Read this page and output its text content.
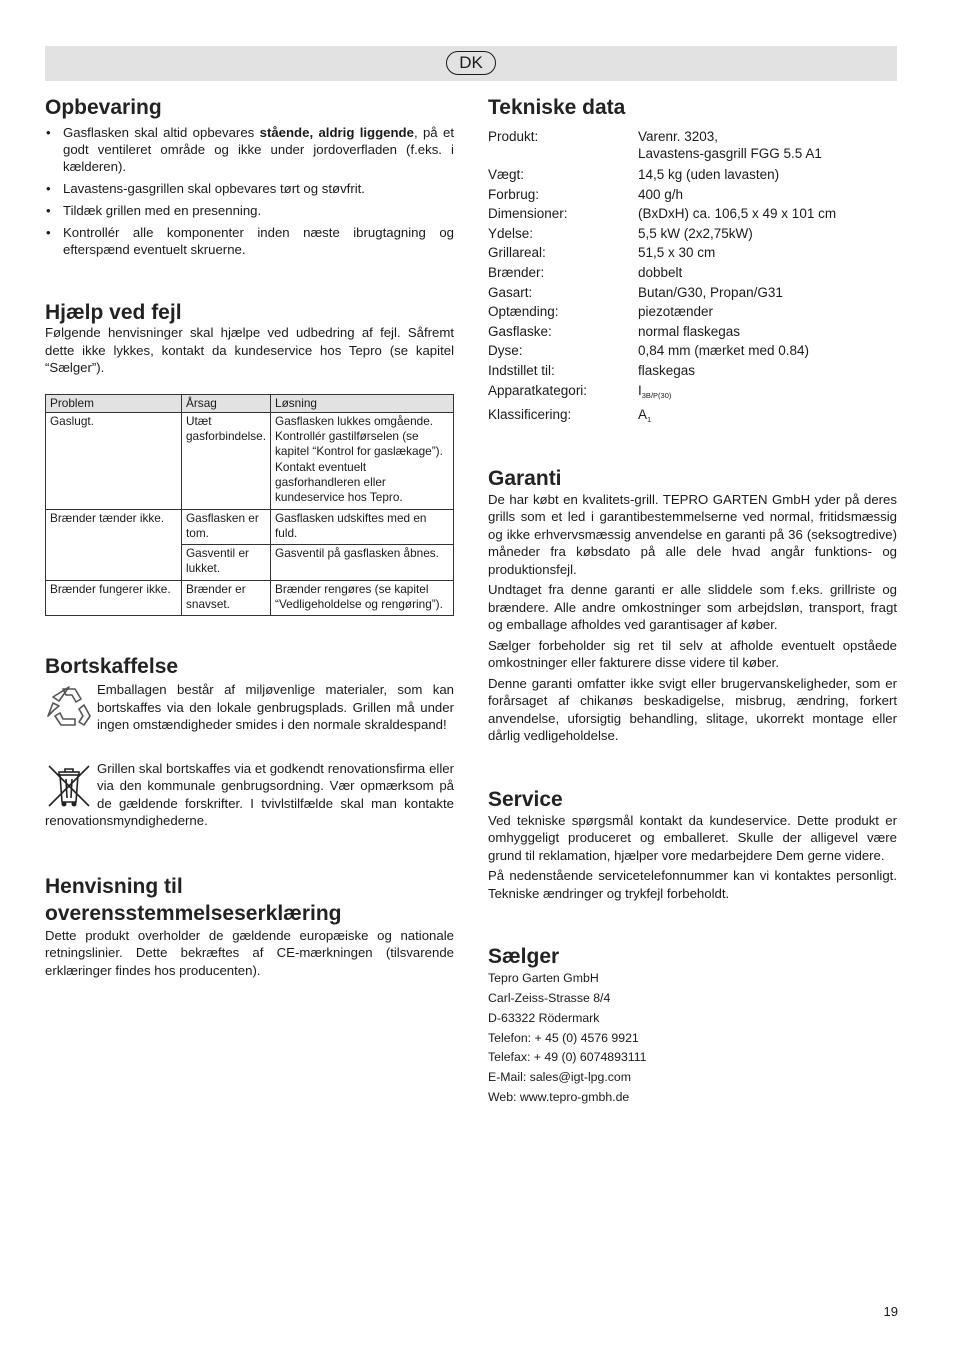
DK
Opbevaring
• Gasflasken skal altid opbevares stående, aldrig liggende, på et godt ventileret område og ikke under jordoverfladen (f.eks. i kælderen).
• Lavastens-gasgrillen skal opbevares tørt og støvfrit.
• Tildæk grillen med en presenning.
• Kontrollér alle komponenter inden næste ibrugtagning og efterspænd eventuelt skruerne.
Hjælp ved fejl

Følgende henvisninger skal hjælpe ved udbedring af fejl. Såfremt dette ikke lykkes, kontakt da kundeservice hos Tepro (se kapitel “Sælger”).

Problem	Årsag	Løsning
Gaslugt.	Utæt gasforbindelse.	Gasflasken lukkes omgående. Kontrollér gastilførselen (se kapitel “Kontrol for gaslækage”). Kontakt eventuelt gasforhandleren eller kundeservice hos Tepro.
Brænder tænder ikke.	Gasflasken er tom.	Gasflasken udskiftes med en fuld.
	Gasventil er lukket.	Gasventil på gasflasken åbnes.
Brænder fungerer ikke.	Brænder er snavset.	Brænder rengøres (se kapitel “Vedligeholdelse og rengøring”).
Bortskaffelse

Emballagen består af miljøvenlige materialer, som kan bortskaffes via den lokale genbrugsplads. Grillen må under ingen omstændigheder smides i den normale skraldespand!

Grillen skal bortskaffes via et godkendt renovationsfirma eller via den kommunale genbrugsordning. Vær opmærksom på de gældende forskrifter. I tvivlstilfælde skal man kontakte renovationsmyndighederne.

Henvisning til
overensstemmelseserklæring

Dette produkt overholder de gældende europæiske og nationale retningslinier. Dette bekræftes af CE-mærkningen (tilsvarende erklæringer findes hos producenten).

Tekniske data
Produkt:	Varenr. 3203,
Lavastens-gasgrill FGG 5.5 A1
Vægt:	14,5 kg (uden lavasten)
Forbrug:	400 g/h
Dimensioner:	(BxDxH) ca. 106,5 x 49 x 101 cm
Ydelse:	5,5 kW (2x2,75kW)
Grillareal:	51,5 x 30 cm
Brænder:	dobbelt
Gasart:	Butan/G30, Propan/G31
Optænding:	piezotænder
Gasflaske:	normal flaskegas
Dyse:	0,84 mm (mærket med 0.84)
Indstillet til:	flaskegas
Apparatkategori:	$I_{3B/P(30)}$
Klassificering:	$A_1$
Garanti

De har købt en kvalitets-grill. TEPRO GARTEN GmbH yder på deres grills som et led i garantibestemmelserne ved normal, fritidsmæssig og ikke erhvervsmæssig anvendelse en garanti på 36 (seksogtredive) måneder fra købsdato på alle dele hvad angår funktions- og produktionsfejl.

Undtaget fra denne garanti er alle sliddele som f.eks. grillriste og brændere. Alle andre omkostninger som arbejdsløn, transport, fragt og emballage afholdes ved garantisager af køber.

Sælger forbeholder sig ret til selv at afholde eventuelt opståede omkostninger eller fakturere disse videre til køber.

Denne garanti omfatter ikke svigt eller brugervanskeligheder, som er forårsaget af chikanøs beskadigelse, misbrug, ændring, forkert anvendelse, uforsigtig behandling, slitage, ukorrekt montage eller dårlig vedligeholdelse.

Service

Ved tekniske spørgsmål kontakt da kundeservice. Dette produkt er omhyggeligt produceret og emballeret. Skulle der alligevel være grund til reklamation, hjælper vore medarbejdere Dem gerne videre.

På nedenstående servicetelefonnummer kan vi kontaktes personligt. Tekniske ændringer og trykfejl forbeholdt.

Sælger
Tepro Garten GmbH
Carl-Zeiss-Strasse 8/4
D-63322 Rödermark
Telefon: + 45 (0) 4576 9921
Telefax: + 49 (0) 6074893111
E-Mail: sales@igt-lpg.com
Web: www.tepro-gmbh.de
19
